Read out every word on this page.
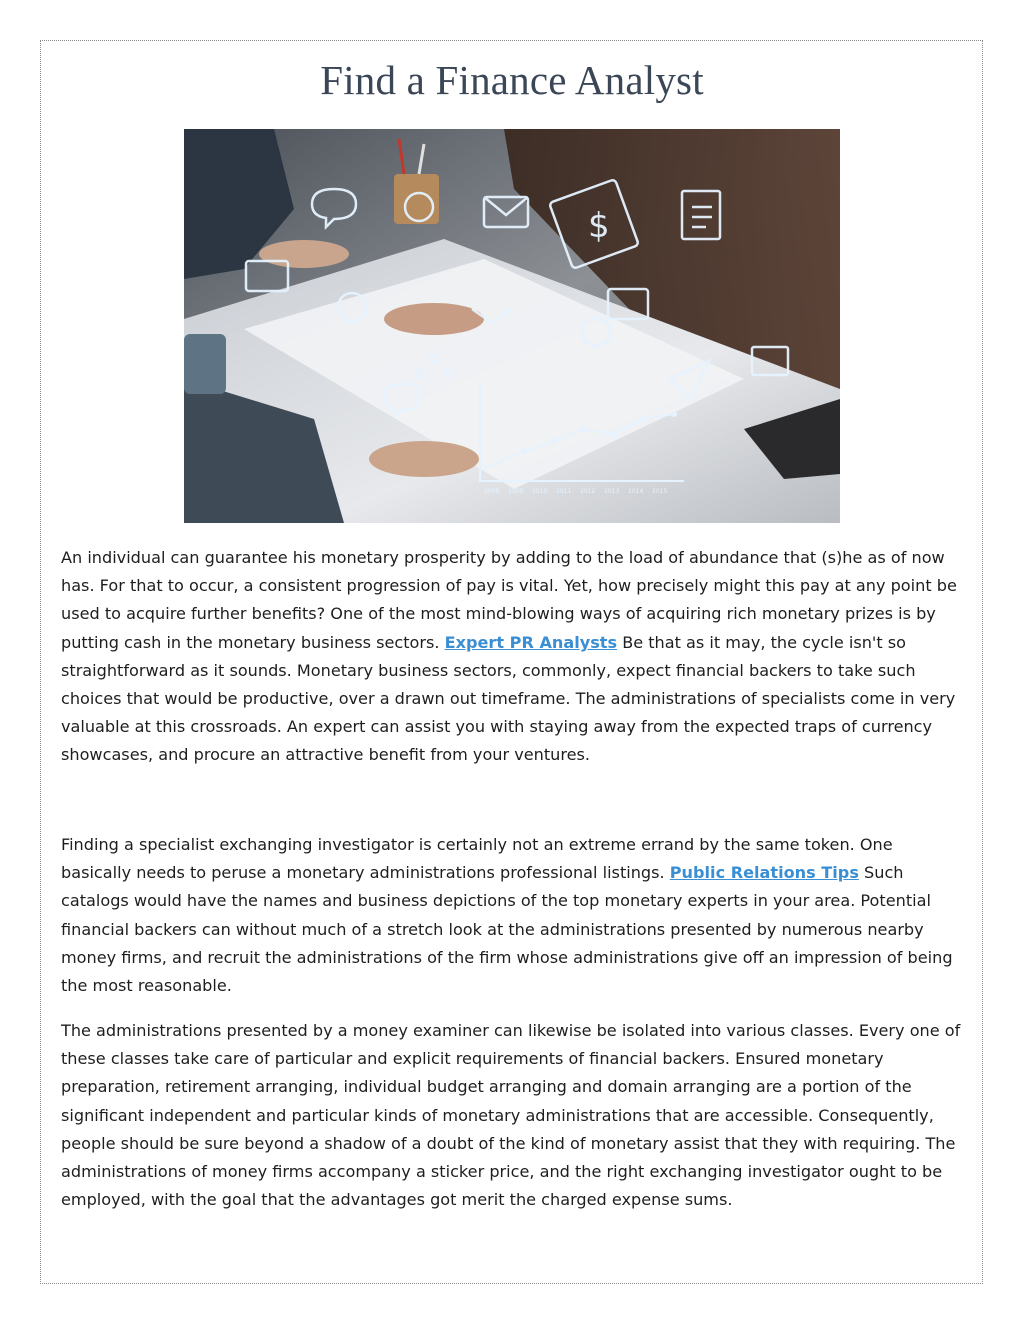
Find a Finance Analyst
$
2008 2009 2010 2011 2012 2013 2014 2015

An individual can guarantee his monetary prosperity by adding to the load of abundance that (s)he as of now has. For that to occur, a consistent progression of pay is vital. Yet, how precisely might this pay at any point be used to acquire further benefits? One of the most mind-blowing ways of acquiring rich monetary prizes is by putting cash in the monetary business sectors. Expert PR Analysts Be that as it may, the cycle isn't so straightforward as it sounds. Monetary business sectors, commonly, expect financial backers to take such choices that would be productive, over a drawn out timeframe. The administrations of specialists come in very valuable at this crossroads. An expert can assist you with staying away from the expected traps of currency showcases, and procure an attractive benefit from your ventures.

Finding a specialist exchanging investigator is certainly not an extreme errand by the same token. One basically needs to peruse a monetary administrations professional listings. Public Relations Tips Such catalogs would have the names and business depictions of the top monetary experts in your area. Potential financial backers can without much of a stretch look at the administrations presented by numerous nearby money firms, and recruit the administrations of the firm whose administrations give off an impression of being the most reasonable.

The administrations presented by a money examiner can likewise be isolated into various classes. Every one of these classes take care of particular and explicit requirements of financial backers. Ensured monetary preparation, retirement arranging, individual budget arranging and domain arranging are a portion of the significant independent and particular kinds of monetary administrations that are accessible. Consequently, people should be sure beyond a shadow of a doubt of the kind of monetary assist that they with requiring. The administrations of money firms accompany a sticker price, and the right exchanging investigator ought to be employed, with the goal that the advantages got merit the charged expense sums.
